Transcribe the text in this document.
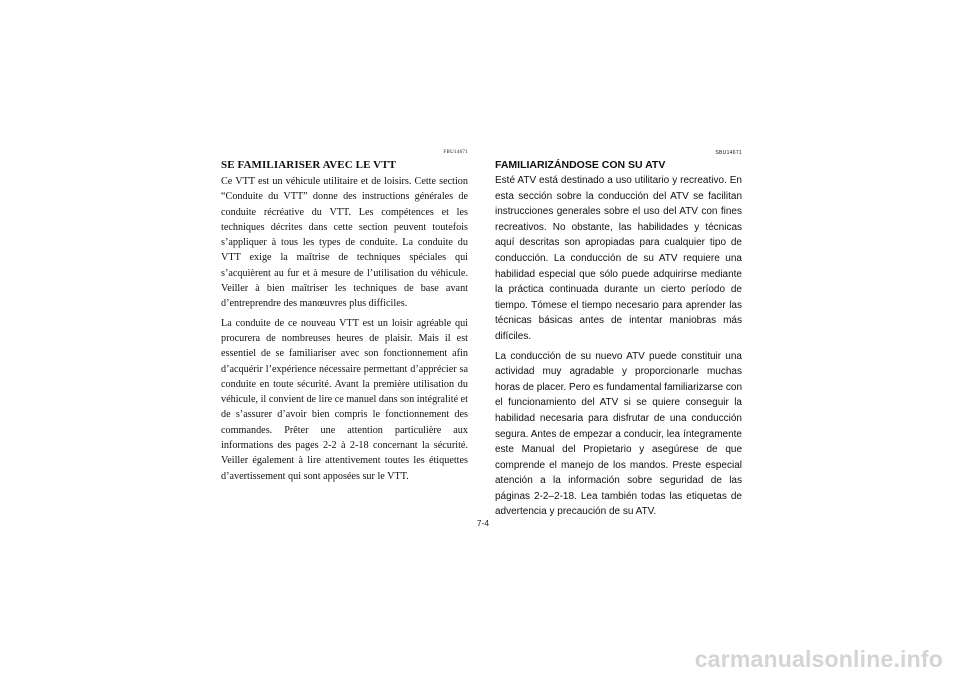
FBU14671
SE FAMILIARISER AVEC LE VTT

Ce VTT est un véhicule utilitaire et de loisirs. Cette section “Conduite du VTT” donne des instructions générales de conduite récréative du VTT. Les compétences et les techniques décrites dans cette section peuvent toutefois s’appliquer à tous les types de conduite. La conduite du VTT exige la maîtrise de techniques spéciales qui s’acquièrent au fur et à mesure de l’utilisation du véhicule. Veiller à bien maîtriser les techniques de base avant d’entreprendre des manœuvres plus difficiles.

La conduite de ce nouveau VTT est un loisir agréable qui procurera de nombreuses heures de plaisir. Mais il est essentiel de se familiariser avec son fonctionnement afin d’acquérir l’expérience nécessaire permettant d’apprécier sa conduite en toute sécurité. Avant la première utilisation du véhicule, il convient de lire ce manuel dans son intégralité et de s’assurer d’avoir bien compris le fonctionnement des commandes. Prêter une attention particulière aux informations des pages 2-2 à 2-18 concernant la sécurité. Veiller également à lire attentivement toutes les étiquettes d’avertissement qui sont apposées sur le VTT.

SBU14671
FAMILIARIZÁNDOSE CON SU ATV

Esté ATV está destinado a uso utilitario y recreativo. En esta sección sobre la conducción del ATV se facilitan instrucciones generales sobre el uso del ATV con fines recreativos. No obstante, las habilidades y técnicas aquí descritas son apropiadas para cualquier tipo de conducción. La conducción de su ATV requiere una habilidad especial que sólo puede adquirirse mediante la práctica continuada durante un cierto período de tiempo. Tómese el tiempo necesario para aprender las técnicas básicas antes de intentar maniobras más difíciles.

La conducción de su nuevo ATV puede constituir una actividad muy agradable y proporcionarle muchas horas de placer. Pero es fundamental familiarizarse con el funcionamiento del ATV si se quiere conseguir la habilidad necesaria para disfrutar de una conducción segura. Antes de empezar a conducir, lea íntegramente este Manual del Propietario y asegúrese de que comprende el manejo de los mandos. Preste especial atención a la información sobre seguridad de las páginas 2-2–2-18. Lea también todas las etiquetas de advertencia y precaución de su ATV.

7-4
carmanualsonline.info
